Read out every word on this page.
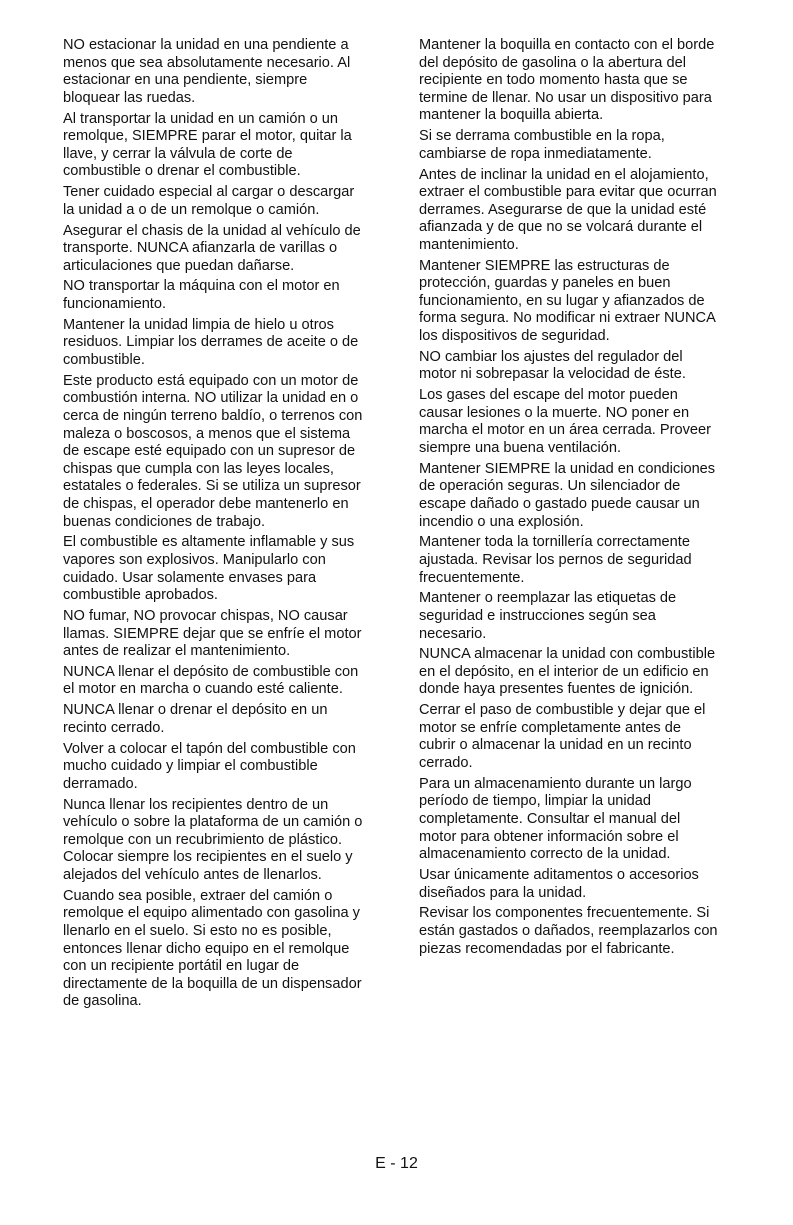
NO estacionar la unidad en una pendiente a
menos que sea absolutamente necesario. Al
estacionar en una pendiente, siempre
bloquear las ruedas.

Al transportar la unidad en un camión o un
remolque, SIEMPRE parar el motor, quitar la
llave, y cerrar la válvula de corte de
combustible o drenar el combustible.

Tener cuidado especial al cargar o descargar
la unidad a o de un remolque o camión.

Asegurar el chasis de la unidad al vehículo de
transporte. NUNCA afianzarla de varillas o
articulaciones que puedan dañarse.

NO transportar la máquina con el motor en
funcionamiento.

Mantener la unidad limpia de hielo u otros
residuos. Limpiar los derrames de aceite o de
combustible.

Este producto está equipado con un motor de
combustión interna. NO utilizar la unidad en o
cerca de ningún terreno baldío, o terrenos con
maleza o boscosos, a menos que el sistema
de escape esté equipado con un supresor de
chispas que cumpla con las leyes locales,
estatales o federales. Si se utiliza un supresor
de chispas, el operador debe mantenerlo en
buenas condiciones de trabajo.

El combustible es altamente inflamable y sus
vapores son explosivos. Manipularlo con
cuidado. Usar solamente envases para
combustible aprobados.

NO fumar, NO provocar chispas, NO causar
llamas. SIEMPRE dejar que se enfríe el motor
antes de realizar el mantenimiento.

NUNCA llenar el depósito de combustible con
el motor en marcha o cuando esté caliente.

NUNCA llenar o drenar el depósito en un
recinto cerrado.

Volver a colocar el tapón del combustible con
mucho cuidado y limpiar el combustible
derramado.

Nunca llenar los recipientes dentro de un
vehículo o sobre la plataforma de un camión o
remolque con un recubrimiento de plástico.
Colocar siempre los recipientes en el suelo y
alejados del vehículo antes de llenarlos.

Cuando sea posible, extraer del camión o
remolque el equipo alimentado con gasolina y
llenarlo en el suelo. Si esto no es posible,
entonces llenar dicho equipo en el remolque
con un recipiente portátil en lugar de
directamente de la boquilla de un dispensador
de gasolina.

Mantener la boquilla en contacto con el borde
del depósito de gasolina o la abertura del
recipiente en todo momento hasta que se
termine de llenar. No usar un dispositivo para
mantener la boquilla abierta.

Si se derrama combustible en la ropa,
cambiarse de ropa inmediatamente.

Antes de inclinar la unidad en el alojamiento,
extraer el combustible para evitar que ocurran
derrames. Asegurarse de que la unidad esté
afianzada y de que no se volcará durante el
mantenimiento.

Mantener SIEMPRE las estructuras de
protección, guardas y paneles en buen
funcionamiento, en su lugar y afianzados de
forma segura. No modificar ni extraer NUNCA
los dispositivos de seguridad.

NO cambiar los ajustes del regulador del
motor ni sobrepasar la velocidad de éste.

Los gases del escape del motor pueden
causar lesiones o la muerte. NO poner en
marcha el motor en un área cerrada. Proveer
siempre una buena ventilación.

Mantener SIEMPRE la unidad en condiciones
de operación seguras. Un silenciador de
escape dañado o gastado puede causar un
incendio o una explosión.

Mantener toda la tornillería correctamente
ajustada. Revisar los pernos de seguridad
frecuentemente.

Mantener o reemplazar las etiquetas de
seguridad e instrucciones según sea
necesario.

NUNCA almacenar la unidad con combustible
en el depósito, en el interior de un edificio en
donde haya presentes fuentes de ignición.

Cerrar el paso de combustible y dejar que el
motor se enfríe completamente antes de
cubrir o almacenar la unidad en un recinto
cerrado.

Para un almacenamiento durante un largo
período de tiempo, limpiar la unidad
completamente. Consultar el manual del
motor para obtener información sobre el
almacenamiento correcto de la unidad.

Usar únicamente aditamentos o accesorios
diseñados para la unidad.

Revisar los componentes frecuentemente. Si
están gastados o dañados, reemplazarlos con
piezas recomendadas por el fabricante.

E - 12
